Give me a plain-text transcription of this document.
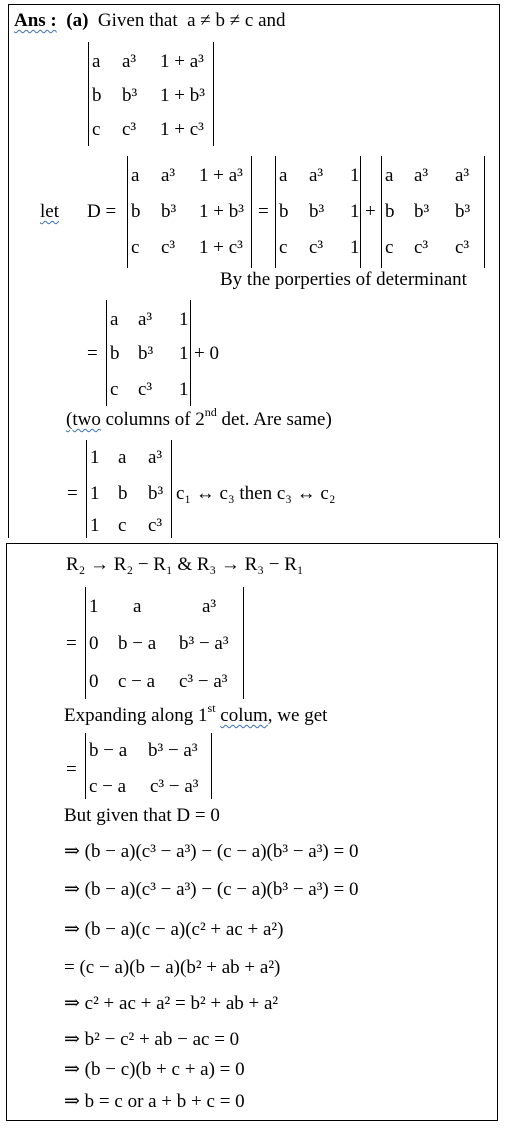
Ans : (a) Given that a ≠ b ≠ c and
a a³ 1 + a³
b b³ 1 + b³
c c³ 1 + c³
let D =
a a³ 1 + a³
b b³ 1 + b³
c c³ 1 + c³
=
a a³ 1
b b³ 1
c c³ 1
+
a a³ a³
b b³ b³
c c³ c³
By the porperties of determinant
=
a a³ 1
b b³ 1
c c³ 1
+ 0
(two columns of 2nd det. Are same)
=
1 a a³
1 b b³
1 c c³
c₁ ↔ c₃ then c₃ ↔ c₂
R₂ → R₂ − R₁ & R₃ → R₃ − R₁
=
1 a	a³
0 b − a b³ − a³
0 c − a c³ − a³
Expanding along 1st colum, we get
=
b − a b³ − a³
c − a c³ − a³
But given that D = 0
⇒ (b − a)(c³ − a³) − (c − a)(b³ − a³) = 0
⇒ (b − a)(c³ − a³) − (c − a)(b³ − a³) = 0
⇒ (b − a)(c − a)(c² + ac + a²)
= (c − a)(b − a)(b² + ab + a²)
⇒ c² + ac + a² = b² + ab + a²
⇒ b² − c² + ab − ac = 0
⇒ (b − c)(b + c + a) = 0
⇒ b = c or a + b + c = 0
